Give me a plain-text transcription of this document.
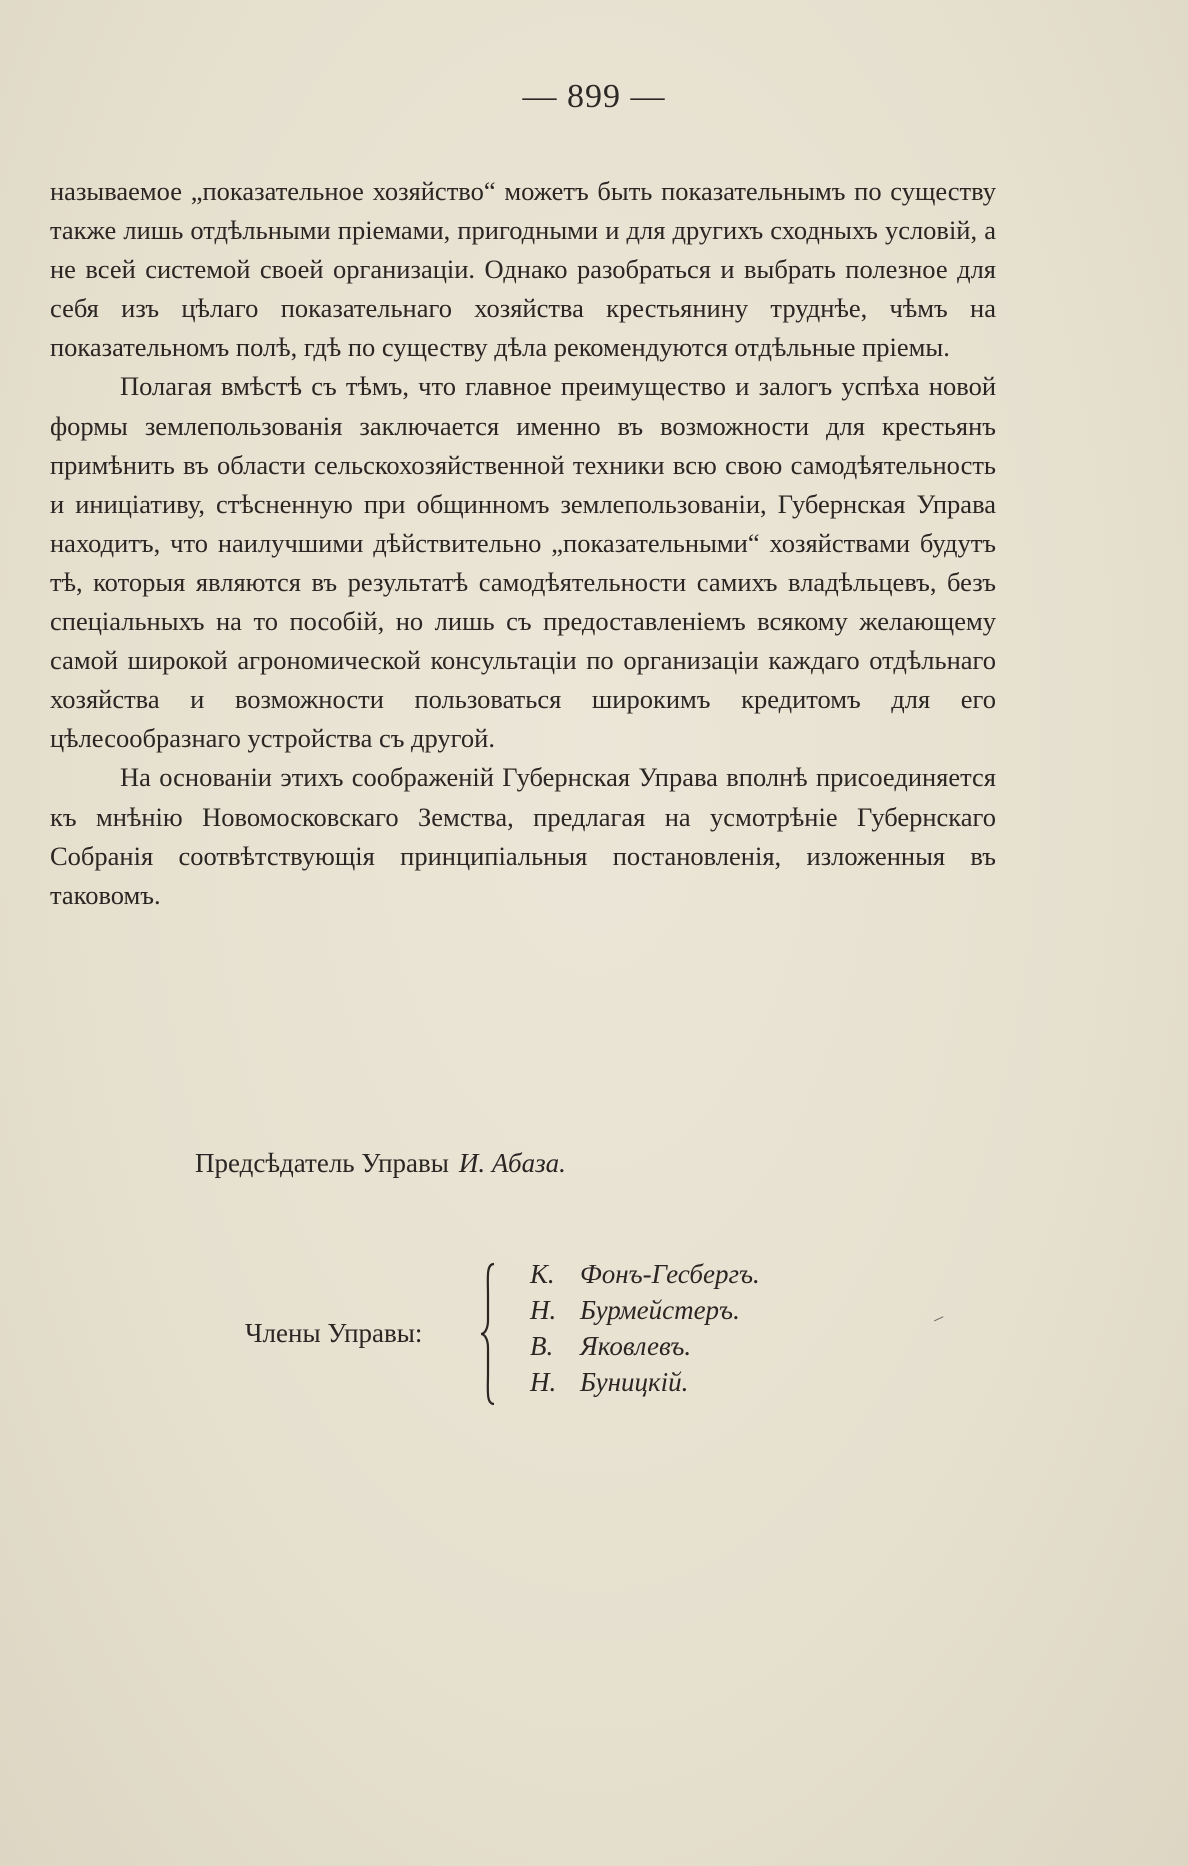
— 899 —

называемое „показательное хозяйство“ можетъ быть показательнымъ по существу также лишь отдѣльными пріемами, пригодными и для другихъ сходныхъ условій, а не всей системой своей организаціи. Однако разобраться и выбрать полезное для себя изъ цѣлаго показательнаго хозяйства крестьянину труднѣе, чѣмъ на показательномъ полѣ, гдѣ по существу дѣла рекомендуются отдѣльные пріемы.

Полагая вмѣстѣ съ тѣмъ, что главное преимущество и залогъ успѣха новой формы землепользованія заключается именно въ возможности для крестьянъ примѣнить въ области сельскохозяйственной техники всю свою самодѣятельность и иниціативу, стѣсненную при общинномъ землепользованіи, Губернская Управа находитъ, что наилучшими дѣйствительно „показательными“ хозяйствами будутъ тѣ, которыя являются въ результатѣ самодѣятельности самихъ владѣльцевъ, безъ спеціальныхъ на то пособій, но лишь съ предоставленіемъ всякому желающему самой широкой агрономической консультаціи по организаціи каждаго отдѣльнаго хозяйства и возможности пользоваться широкимъ кредитомъ для его цѣлесообразнаго устройства съ другой.

На основаніи этихъ соображеній Губернская Управа вполнѣ присоединяется къ мнѣнію Новомосковскаго Земства, предлагая на усмотрѣніе Губернскаго Собранія соотвѣтствующія принципіальныя постановленія, изложенныя въ таковомъ.

Предсѣдатель Управы И. Абаза.
Члены Управы:
К. Фонъ-Гесбергъ.
Н. Бурмейстеръ.
В. Яковлевъ.
Н. Буницкій.
